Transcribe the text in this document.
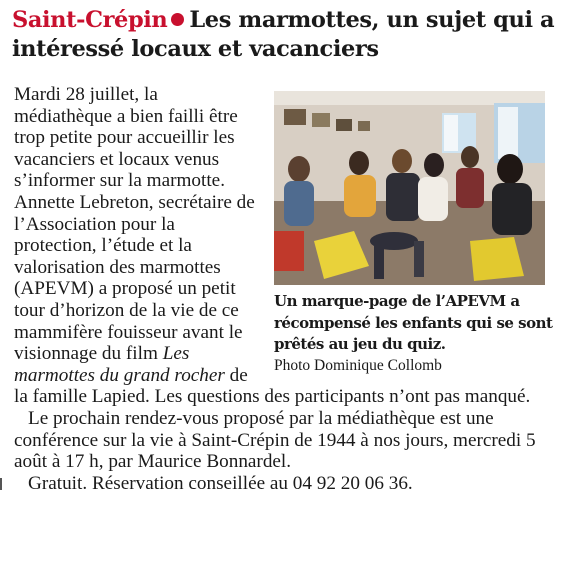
Saint-Crépin Les marmottes, un sujet qui a intéressé locaux et vacanciers
Un marque-page de l’APEVM a récompensé les enfants qui se sont prêtés au jeu du quiz.
Photo Dominique Collomb

Mardi 28 juillet, la médiathèque a bien failli être trop petite pour accueillir les vacanciers et locaux venus s’informer sur la marmotte. Annette Lebreton, secrétaire de l’Association pour la protection, l’étude et la valorisation des marmottes (APEVM) a proposé un petit tour d’horizon de la vie de ce mammifère fouisseur avant le visionnage du film Les marmottes du grand rocher de la famille Lapied. Les questions des participants n’ont pas manqué.

Le prochain rendez-vous proposé par la médiathèque est une conférence sur la vie à Saint-Crépin de 1944 à nos jours, mercredi 5 août à 17 h, par Maurice Bonnardel.

Gratuit. Réservation conseillée au 04 92 20 06 36.
